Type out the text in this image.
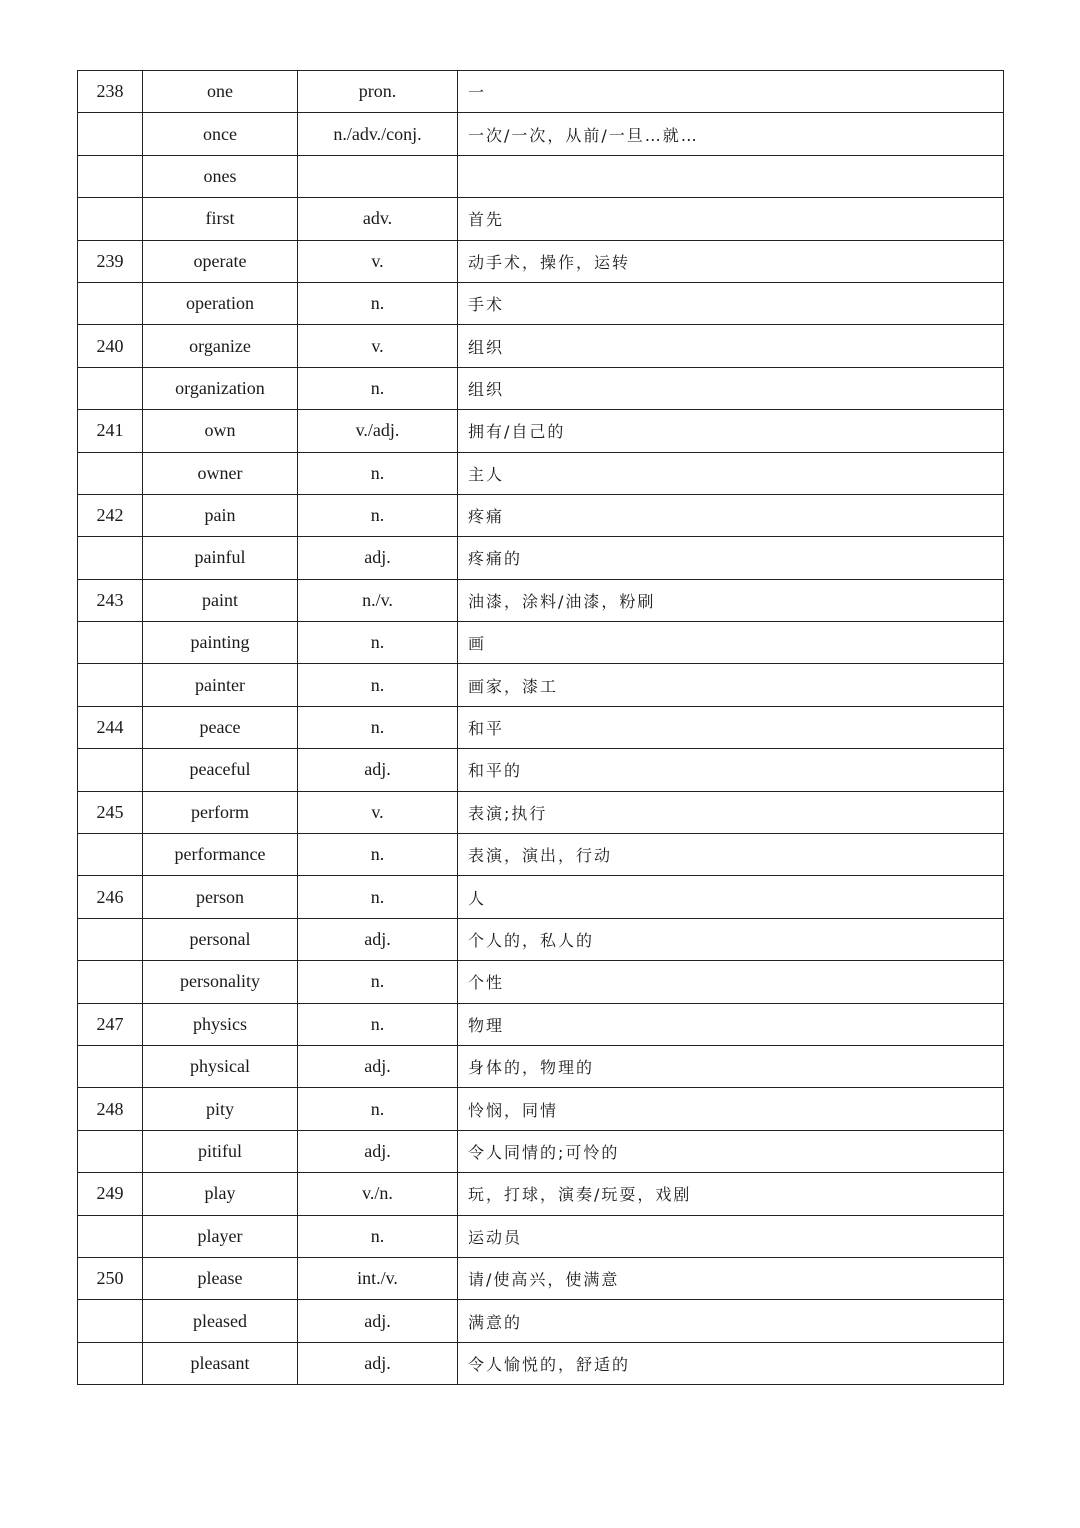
238	one	pron.	一
	once	n./adv./conj.	一次/一次，从前/一旦…就…
	ones		
	first	adv.	首先
239	operate	v.	动手术，操作，运转
	operation	n.	手术
240	organize	v.	组织
	organization	n.	组织
241	own	v./adj.	拥有/自己的
	owner	n.	主人
242	pain	n.	疼痛
	painful	adj.	疼痛的
243	paint	n./v.	油漆，涂料/油漆，粉刷
	painting	n.	画
	painter	n.	画家，漆工
244	peace	n.	和平
	peaceful	adj.	和平的
245	perform	v.	表演;执行
	performance	n.	表演，演出，行动
246	person	n.	人
	personal	adj.	个人的，私人的
	personality	n.	个性
247	physics	n.	物理
	physical	adj.	身体的，物理的
248	pity	n.	怜悯，同情
	pitiful	adj.	令人同情的;可怜的
249	play	v./n.	玩，打球，演奏/玩耍，戏剧
	player	n.	运动员
250	please	int./v.	请/使高兴，使满意
	pleased	adj.	满意的
	pleasant	adj.	令人愉悦的，舒适的
